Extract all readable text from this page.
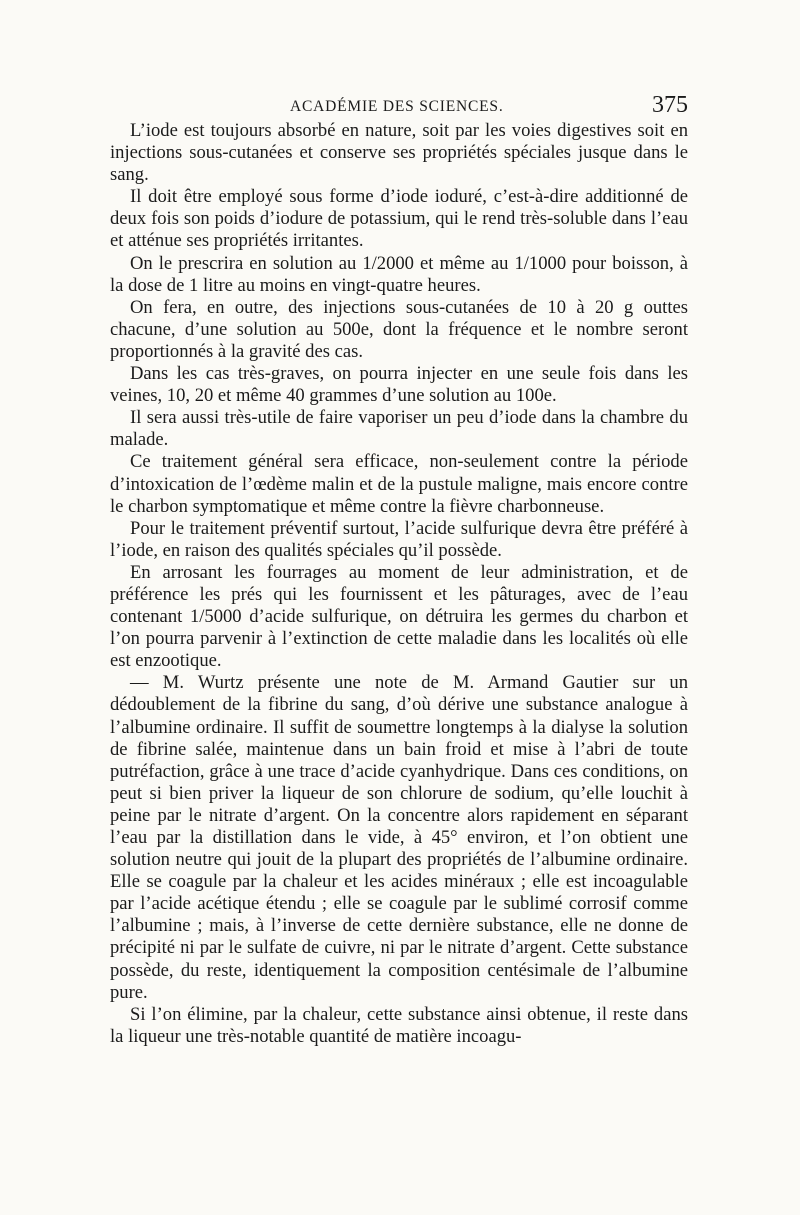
ACADÉMIE DES SCIENCES.	375

L’iode est toujours absorbé en nature, soit par les voies digestives soit en injections sous-cutanées et conserve ses propriétés spéciales jusque dans le sang.

Il doit être employé sous forme d’iode ioduré, c’est-à-dire additionné de deux fois son poids d’iodure de potassium, qui le rend très-soluble dans l’eau et atténue ses propriétés irritantes.

On le prescrira en solution au 1/2000 et même au 1/1000 pour boisson, à la dose de 1 litre au moins en vingt-quatre heures.

On fera, en outre, des injections sous-cutanées de 10 à 20 g outtes chacune, d’une solution au 500e, dont la fréquence et le nombre seront proportionnés à la gravité des cas.

Dans les cas très-graves, on pourra injecter en une seule fois dans les veines, 10, 20 et même 40 grammes d’une solution au 100e.

Il sera aussi très-utile de faire vaporiser un peu d’iode dans la chambre du malade.

Ce traitement général sera efficace, non-seulement contre la période d’intoxication de l’œdème malin et de la pustule maligne, mais encore contre le charbon symptomatique et même contre la fièvre charbonneuse.

Pour le traitement préventif surtout, l’acide sulfurique devra être préféré à l’iode, en raison des qualités spéciales qu’il possède.

En arrosant les fourrages au moment de leur administration, et de préférence les prés qui les fournissent et les pâturages, avec de l’eau contenant 1/5000 d’acide sulfurique, on détruira les germes du charbon et l’on pourra parvenir à l’extinction de cette maladie dans les localités où elle est enzootique.

— M. Wurtz présente une note de M. Armand Gautier sur un dédoublement de la fibrine du sang, d’où dérive une substance analogue à l’albumine ordinaire. Il suffit de soumettre longtemps à la dialyse la solution de fibrine salée, maintenue dans un bain froid et mise à l’abri de toute putréfaction, grâce à une trace d’acide cyanhydrique. Dans ces conditions, on peut si bien priver la liqueur de son chlorure de sodium, qu’elle louchit à peine par le nitrate d’argent. On la concentre alors rapidement en séparant l’eau par la distillation dans le vide, à 45° environ, et l’on obtient une solution neutre qui jouit de la plupart des propriétés de l’albumine ordinaire. Elle se coagule par la chaleur et les acides minéraux ; elle est incoagulable par l’acide acétique étendu ; elle se coagule par le sublimé corrosif comme l’albumine ; mais, à l’inverse de cette dernière substance, elle ne donne de précipité ni par le sulfate de cuivre, ni par le nitrate d’argent. Cette substance possède, du reste, identiquement la composition centésimale de l’albumine pure.

Si l’on élimine, par la chaleur, cette substance ainsi obtenue, il reste dans la liqueur une très-notable quantité de matière incoagu-
